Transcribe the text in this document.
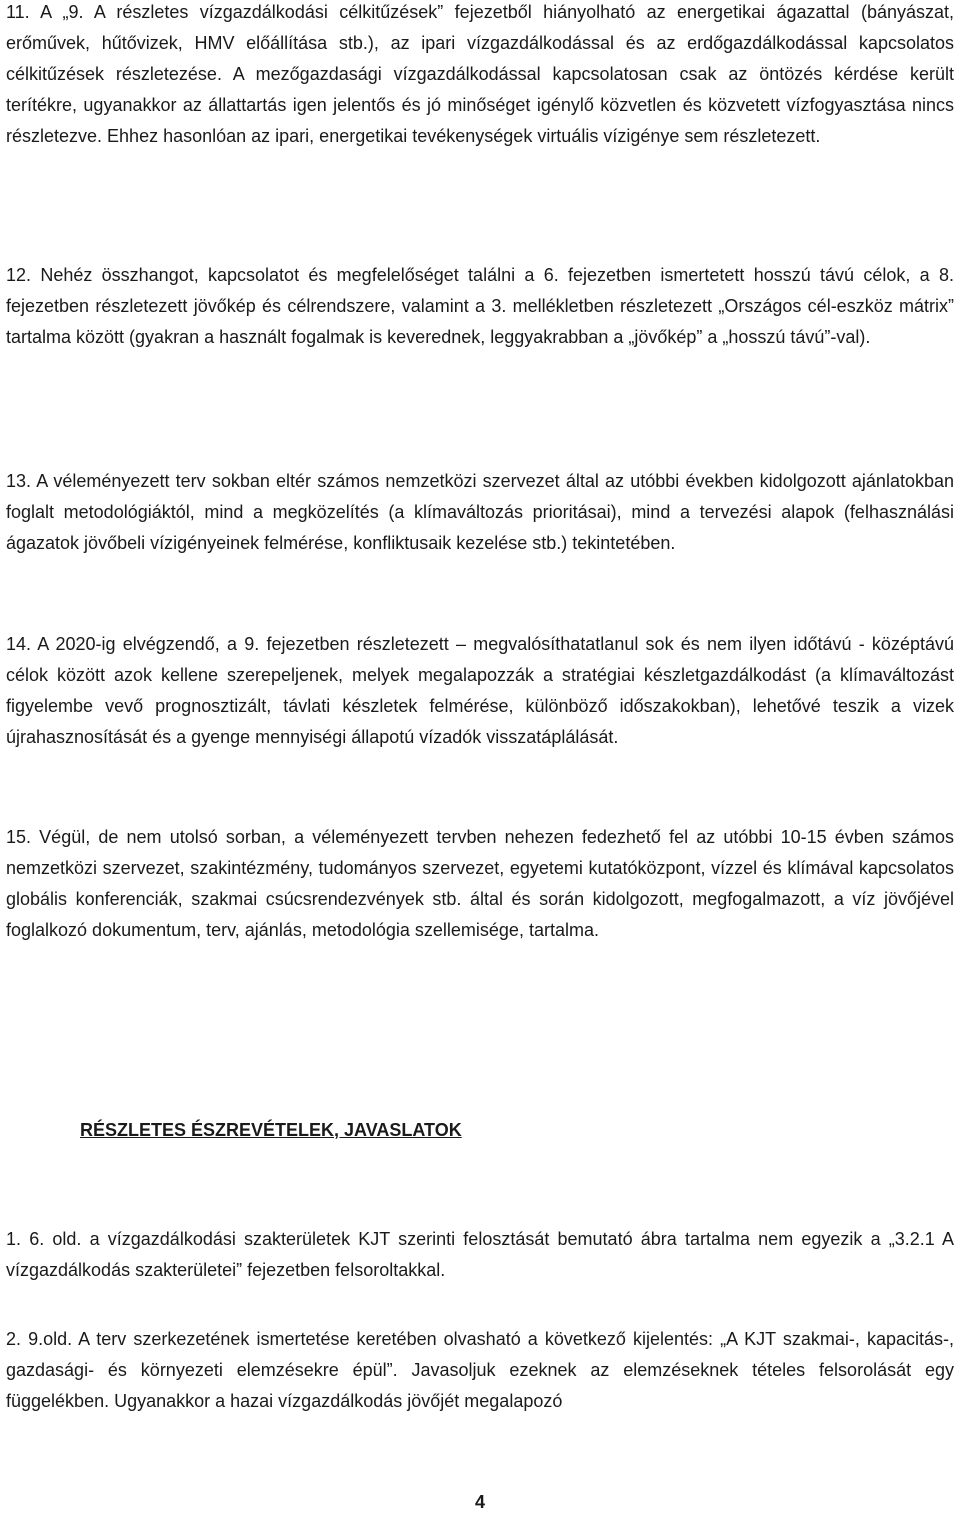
11. A „9. A részletes vízgazdálkodási célkitűzések” fejezetből hiányolható az energetikai ágazattal (bányászat, erőművek, hűtővizek, HMV előállítása stb.), az ipari vízgazdálkodással és az erdőgazdálkodással kapcsolatos célkitűzések részletezése. A mezőgazdasági vízgazdálkodással kapcsolatosan csak az öntözés kérdése került terítékre, ugyanakkor az állattartás igen jelentős és jó minőséget igénylő közvetlen és közvetett vízfogyasztása nincs részletezve. Ehhez hasonlóan az ipari, energetikai tevékenységek virtuális vízigénye sem részletezett.

12. Nehéz összhangot, kapcsolatot és megfelelőséget találni a 6. fejezetben ismertetett hosszú távú célok, a 8. fejezetben részletezett jövőkép és célrendszere, valamint a 3. mellékletben részletezett „Országos cél-eszköz mátrix” tartalma között (gyakran a használt fogalmak is keverednek, leggyakrabban a „jövőkép” a „hosszú távú”-val).

13. A véleményezett terv sokban eltér számos nemzetközi szervezet által az utóbbi években kidolgozott ajánlatokban foglalt metodológiáktól, mind a megközelítés (a klímaváltozás prioritásai), mind a tervezési alapok (felhasználási ágazatok jövőbeli vízigényeinek felmérése, konfliktusaik kezelése stb.) tekintetében.

14. A 2020-ig elvégzendő, a 9. fejezetben részletezett – megvalósíthatatlanul sok és nem ilyen időtávú - középtávú célok között azok kellene szerepeljenek, melyek megalapozzák a stratégiai készletgazdálkodást (a klímaváltozást figyelembe vevő prognosztizált, távlati készletek felmérése, különböző időszakokban), lehetővé teszik a vizek újrahasznosítását és a gyenge mennyiségi állapotú vízadók visszatáplálását.

15. Végül, de nem utolsó sorban, a véleményezett tervben nehezen fedezhető fel az utóbbi 10-15 évben számos nemzetközi szervezet, szakintézmény, tudományos szervezet, egyetemi kutatóközpont, vízzel és klímával kapcsolatos globális konferenciák, szakmai csúcsrendezvények stb. által és során kidolgozott, megfogalmazott, a víz jövőjével foglalkozó dokumentum, terv, ajánlás, metodológia szellemisége, tartalma.

RÉSZLETES ÉSZREVÉTELEK, JAVASLATOK

1. 6. old. a vízgazdálkodási szakterületek KJT szerinti felosztását bemutató ábra tartalma nem egyezik a „3.2.1 A vízgazdálkodás szakterületei” fejezetben felsoroltakkal.

2. 9.old. A terv szerkezetének ismertetése keretében olvasható a következő kijelentés: „A KJT szakmai-, kapacitás-, gazdasági- és környezeti elemzésekre épül”. Javasoljuk ezeknek az elemzéseknek tételes felsorolását egy függelékben. Ugyanakkor a hazai vízgazdálkodás jövőjét megalapozó

4
